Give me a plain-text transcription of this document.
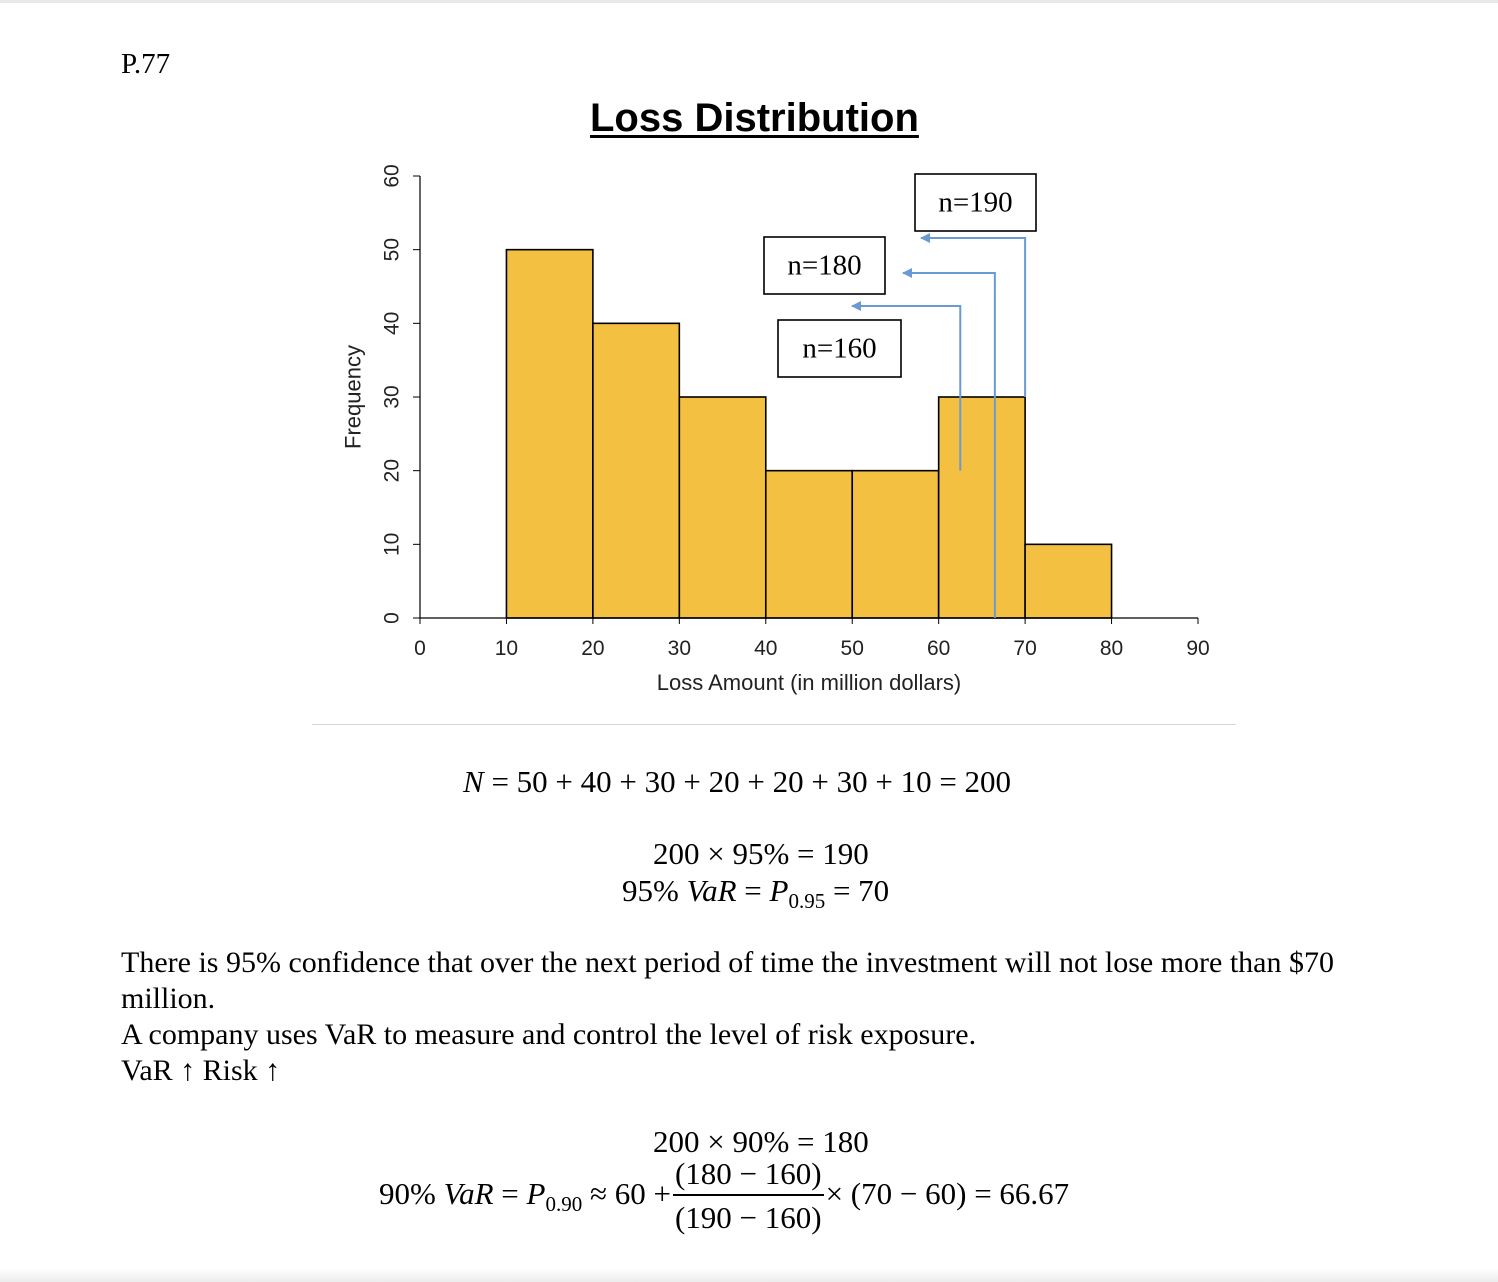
P.77
Loss Distribution
0
10
20
30
40
50
60
0	10	20	30	40	50	60	70	80	90
Frequency
Loss Amount (in million dollars)
n=160
n=180
n=190
N = 50 + 40 + 30 + 20 + 20 + 30 + 10 = 200
200 × 95% = 190
95% VaR = $P_{0.95} = 70$
There is 95% confidence that over the next period of time the investment will not lose more than $70
million.
A company uses VaR to measure and control the level of risk exposure.
VaR ↑ Risk ↑
200 × 90% = 180
90% VaR = $P_{0.90} \approx 60 + \frac{(180 - 160)}{(190 - 160)} \times (70 - 60) = 66.67$
